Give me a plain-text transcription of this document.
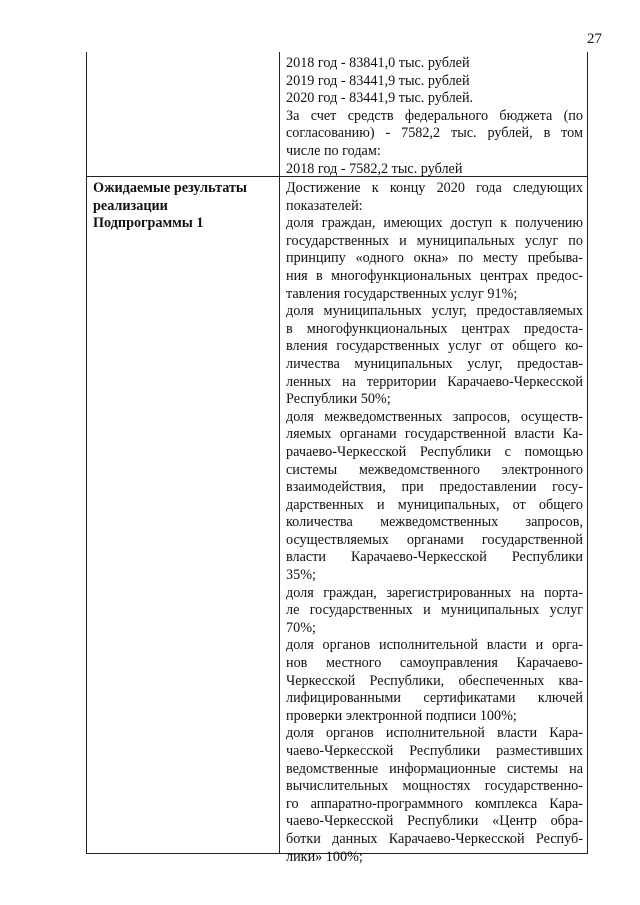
27
2018 год - 83841,0 тыс. рублей
2019 год - 83441,9 тыс. рублей
2020 год - 83441,9 тыс. рублей.
За счет средств федерального бюджета (по
согласованию) - 7582,2 тыс. рублей, в том
числе по годам:
2018 год - 7582,2 тыс. рублей
Ожидаемые результаты
реализации
Подпрограммы 1
Достижение к концу 2020 года следующих
показателей:
доля граждан, имеющих доступ к получению
государственных и муниципальных услуг по
принципу «одного окна» по месту пребыва-
ния в многофункциональных центрах предос-
тавления государственных услуг 91%;
доля муниципальных услуг, предоставляемых
в многофункциональных центрах предоста-
вления государственных услуг от общего ко-
личества муниципальных услуг, предостав-
ленных на территории Карачаево-Черкесской
Республики 50%;
доля межведомственных запросов, осуществ-
ляемых органами государственной власти Ка-
рачаево-Черкесской Республики с помощью
системы межведомственного электронного
взаимодействия, при предоставлении госу-
дарственных и муниципальных, от общего
количества межведомственных запросов,
осуществляемых органами государственной
власти Карачаево-Черкесской Республики
35%;
доля граждан, зарегистрированных на порта-
ле государственных и муниципальных услуг
70%;
доля органов исполнительной власти и орга-
нов местного самоуправления Карачаево-
Черкесской Республики, обеспеченных ква-
лифицированными сертификатами ключей
проверки электронной подписи 100%;
доля органов исполнительной власти Кара-
чаево-Черкесской Республики разместивших
ведомственные информационные системы на
вычислительных мощностях государственно-
го аппаратно-программного комплекса Кара-
чаево-Черкесской Республики «Центр обра-
ботки данных Карачаево-Черкесской Респуб-
лики» 100%;
